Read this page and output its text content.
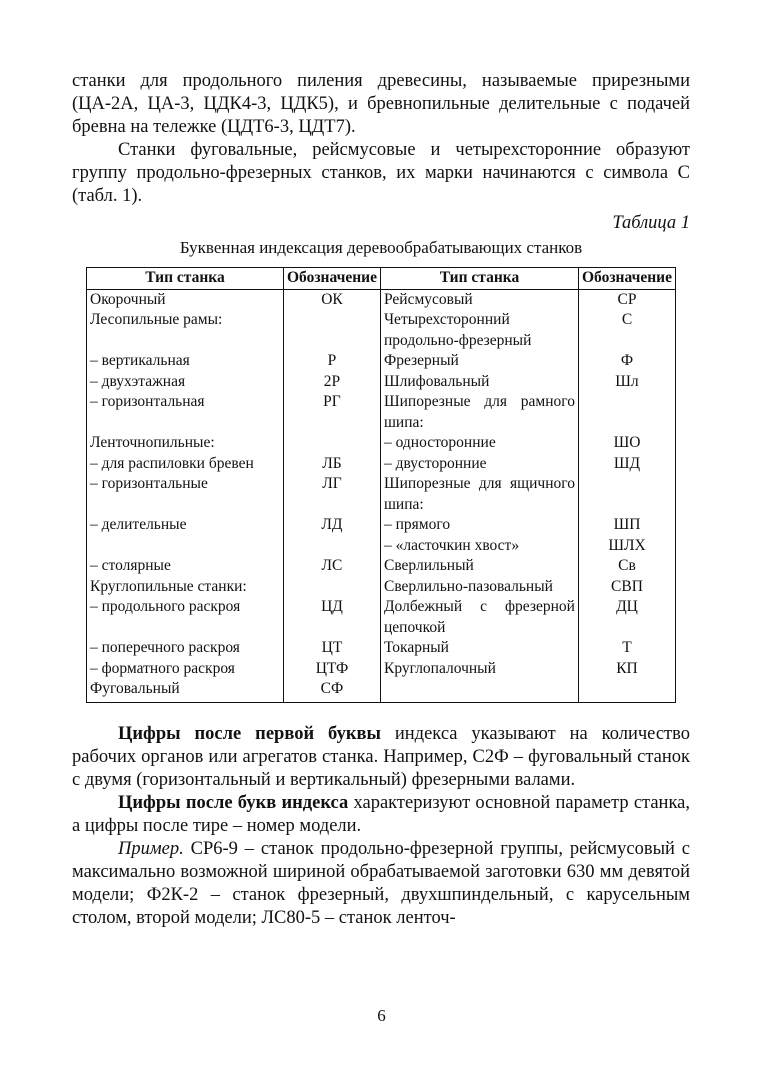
станки для продольного пиления древесины, называемые прирезными (ЦА-2А, ЦА-3, ЦДК4-3, ЦДК5), и бревнопильные делительные с подачей бревна на тележке (ЦДТ6-3, ЦДТ7).

Станки фуговальные, рейсмусовые и четырехсторонние образуют группу продольно-фрезерных станков, их марки начинаются с символа С (табл. 1).

Таблица 1
Буквенная индексация деревообрабатывающих станков
Тип станка	Обозначение	Тип станка	Обозначение
Окорочный	ОК	Рейсмусовый	СР
Лесопильные рамы:		Четырехсторонний продольно-фрезерный	С
– вертикальная	Р	Фрезерный	Ф
– двухэтажная	2Р	Шлифовальный	Шл
– горизонтальная	РГ	Шипорезные для рамного шипа:	
Ленточнопильные:		– односторонние	ШО
– для распиловки бревен	ЛБ	– двусторонние	ШД
– горизонтальные	ЛГ	Шипорезные для ящичного шипа:	
– делительные	ЛД	– прямого	ШП
		– «ласточкин хвост»	ШЛХ
– столярные	ЛС	Сверлильный	Св
Круглопильные станки:		Сверлильно-пазовальный	СВП
– продольного раскроя	ЦД	Долбежный с фрезерной цепочкой	ДЦ
– поперечного раскроя	ЦТ	Токарный	Т
– форматного раскроя	ЦТФ	Круглопалочный	КП
Фуговальный	СФ		

Цифры после первой буквы индекса указывают на количество рабочих органов или агрегатов станка. Например, С2Ф – фуговальный станок с двумя (горизонтальный и вертикальный) фрезерными валами.

Цифры после букв индекса характеризуют основной параметр станка, а цифры после тире – номер модели.

Пример. СР6-9 – станок продольно-фрезерной группы, рейсмусовый с максимально возможной шириной обрабатываемой заготовки 630 мм девятой модели; Ф2К-2 – станок фрезерный, двухшпиндельный, с карусельным столом, второй модели; ЛС80-5 – станок ленточ-

6
